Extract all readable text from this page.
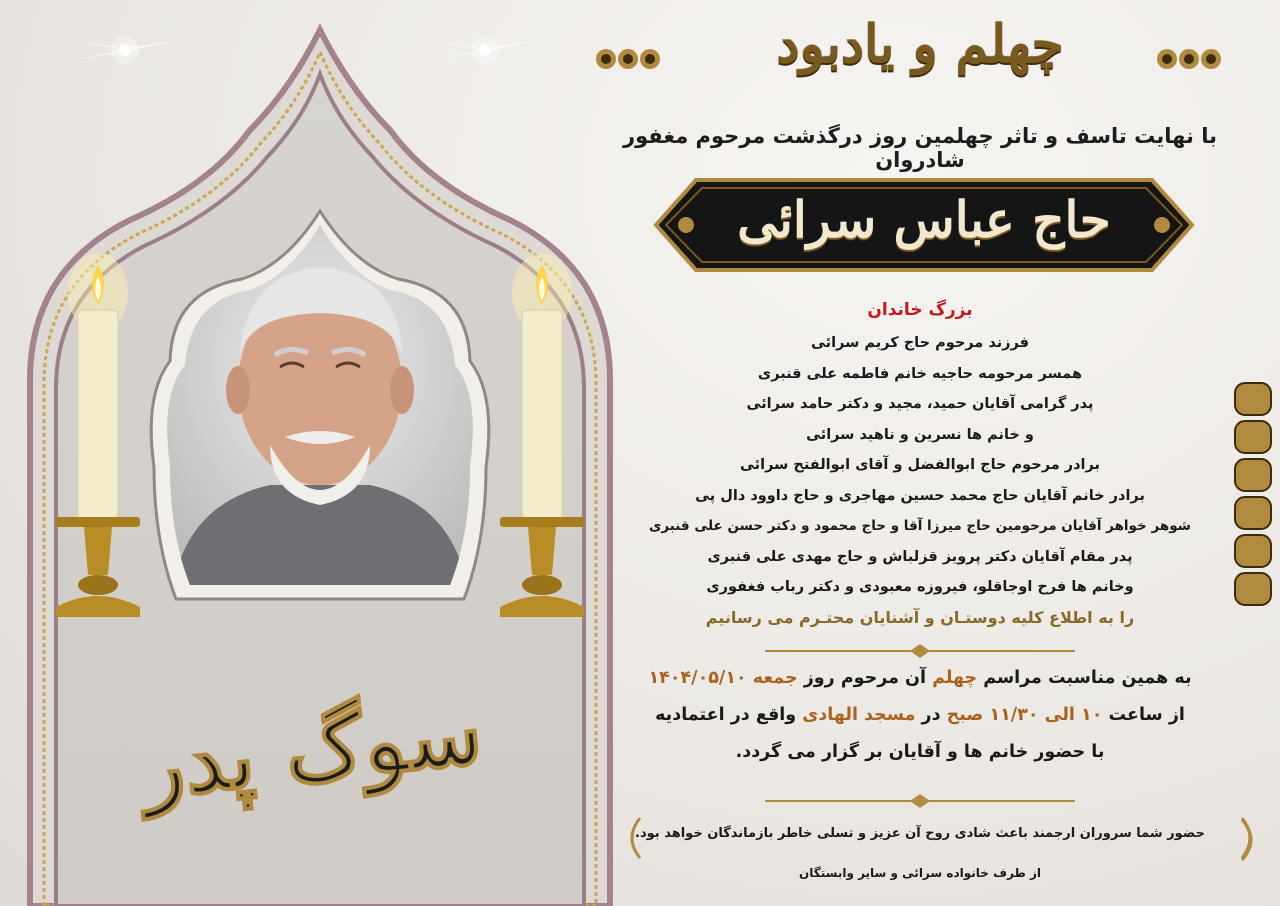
سوگ پدر
چهلم و یادبود
با نهایت تاسف و تاثر چهلمین روز درگذشت مرحوم مغفور شادروان
حاج عباس سرائی
بزرگ خاندان
فرزند مرحوم حاج کریم سرائی
همسر مرحومه حاجیه خانم فاطمه علی قنبری
پدر گرامی آقایان حمید، مجید و دکتر حامد سرائی
و خانم ها نسرین و ناهید سرائی
برادر مرحوم حاج ابوالفضل و آقای ابوالفتح سرائی
برادر خانم آقایان حاج محمد حسین مهاجری و حاج داوود دال پی
شوهر خواهر آقایان مرحومین حاج میرزا آقا و حاج محمود و دکتر حسن علی قنبری
پدر مقام آقایان دکتر پرویز قزلباش و حاج مهدی علی قنبری
وخانم ها فرح اوجاقلو، فیروزه معبودی و دکتر رباب فغفوری
را به اطلاع کلیه دوستـان و آشنایان محتـرم می رسانیم
به همین مناسبت مراسم چهلم آن مرحوم روز جمعه ۱۴۰۴/۰۵/۱۰
از ساعت ۱۰ الی ۱۱/۳۰ صبح در مسجد الهادی واقع در اعتمادیه
با حضور خانم ها و آقایان بر گزار می گردد.
حضور شما سروران ارجمند باعث شادی روح آن عزیز و تسلی خاطر بازماندگان خواهد بود.
از طرف خانواده سرائی و سایر وابستگان
